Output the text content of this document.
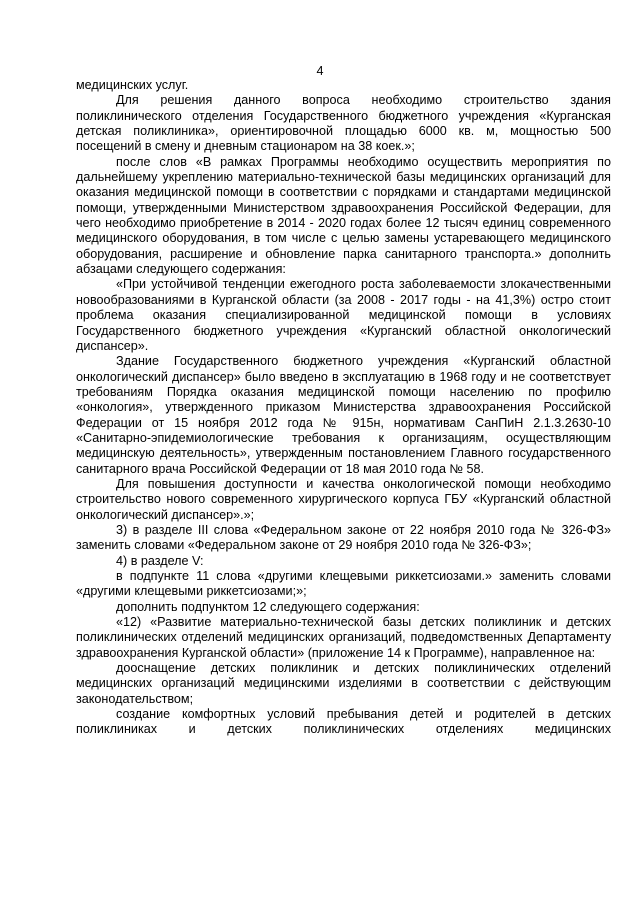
4

медицинских услуг.

Для решения данного вопроса необходимо строительство здания поликлинического отделения Государственного бюджетного учреждения «Курганская детская поликлиника», ориентировочной площадью 6000 кв. м, мощностью 500 посещений в смену и дневным стационаром на 38 коек.»;

после слов «В рамках Программы необходимо осуществить мероприятия по дальнейшему укреплению материально-технической базы медицинских организаций для оказания медицинской помощи в соответствии с порядками и стандартами медицинской помощи, утвержденными Министерством здравоохранения Российской Федерации, для чего необходимо приобретение в 2014 - 2020 годах более 12 тысяч единиц современного медицинского оборудования, в том числе с целью замены устаревающего медицинского оборудования, расширение и обновление парка санитарного транспорта.» дополнить абзацами следующего содержания:

«При устойчивой тенденции ежегодного роста заболеваемости злокачественными новообразованиями в Курганской области (за 2008 - 2017 годы - на 41,3%) остро стоит проблема оказания специализированной медицинской помощи в условиях Государственного бюджетного учреждения «Курганский областной онкологический диспансер».

Здание Государственного бюджетного учреждения «Курганский областной онкологический диспансер» было введено в эксплуатацию в 1968 году и не соответствует требованиям Порядка оказания медицинской помощи населению по профилю «онкология», утвержденного приказом Министерства здравоохранения Российской Федерации от 15 ноября 2012 года № 915н, нормативам СанПиН 2.1.3.2630-10 «Санитарно-эпидемиологические требования к организациям, осуществляющим медицинскую деятельность», утвержденным постановлением Главного государственного санитарного врача Российской Федерации от 18 мая 2010 года № 58.

Для повышения доступности и качества онкологической помощи необходимо строительство нового современного хирургического корпуса ГБУ «Курганский областной онкологический диспансер».»;

3) в разделе III слова «Федеральном законе от 22 ноября 2010 года № 326-ФЗ» заменить словами «Федеральном законе от 29 ноября 2010 года № 326-ФЗ»;

4) в разделе V:

в подпункте 11 слова «другими клещевыми риккетсиозами.» заменить словами «другими клещевыми риккетсиозами;»;

дополнить подпунктом 12 следующего содержания:

«12) «Развитие материально-технической базы детских поликлиник и детских поликлинических отделений медицинских организаций, подведомственных Департаменту здравоохранения Курганской области» (приложение 14 к Программе), направленное на:

дооснащение детских поликлиник и детских поликлинических отделений медицинских организаций медицинскими изделиями в соответствии с действующим законодательством;

создание комфортных условий пребывания детей и родителей в детских поликлиниках и детских поликлинических отделениях медицинских
